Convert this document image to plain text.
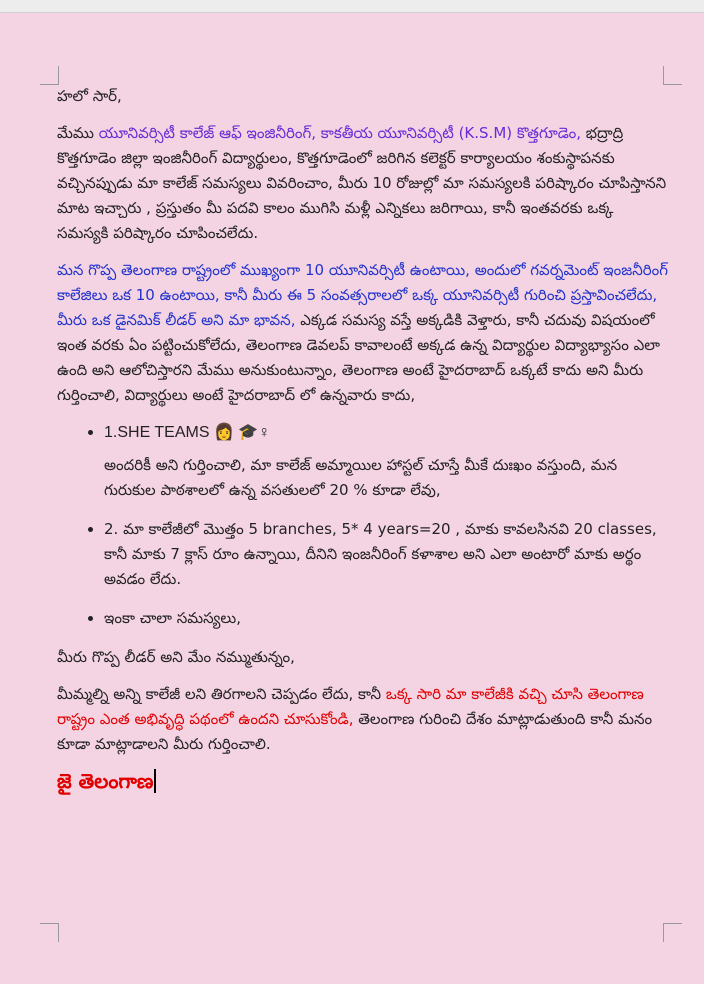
హలో సార్,

మేము యూనివర్సిటీ కాలేజ్ ఆఫ్ ఇంజినీరింగ్, కాకతీయ యూనివర్సిటీ (K.S.M) కొత్తగూడెం, భద్రాద్రి కొత్తగూడెం జిల్లా ఇంజినీరింగ్ విద్యార్థులం, కొత్తగూడెంలో జరిగిన కలెక్టర్ కార్యాలయం శంకుస్థాపనకు వచ్చినప్పుడు మా కాలేజ్ సమస్యలు వివరించాం, మీరు 10 రోజుల్లో మా సమస్యలకి పరిష్కారం చూపిస్తానని మాట ఇచ్చారు , ప్రస్తుతం మీ పదవి కాలం ముగిసి మళ్లీ ఎన్నికలు జరిగాయి, కానీ ఇంతవరకు ఒక్క సమస్యకి పరిష్కారం చూపించలేదు.

మన గొప్ప తెలంగాణ రాష్ట్రంలో ముఖ్యంగా 10 యూనివర్సిటీ ఉంటాయి, అందులో గవర్నమెంట్ ఇంజనీరింగ్ కాలేజిలు ఒక 10 ఉంటాయి, కానీ మీరు ఈ 5 సంవత్సరాలలో ఒక్క యూనివర్సిటీ గురించి ప్రస్తావించలేదు, మీరు ఒక డైనమిక్ లీడర్ అని మా భావన, ఎక్కడ సమస్య వస్తే అక్కడికి వెళ్తారు, కానీ చదువు విషయంలో ఇంత వరకు ఏం పట్టించుకోలేదు, తెలంగాణ డెవలప్ కావాలంటే అక్కడ ఉన్న విద్యార్థుల విద్యాభ్యాసం ఎలా ఉంది అని ఆలోచిస్తారని మేము అనుకుంటున్నాం, తెలంగాణ అంటే హైదరాబాద్ ఒక్కటే కాదు అని మీరు గుర్తించాలి, విద్యార్థులు అంటే హైదరాబాద్ లో ఉన్నవారు కాదు,

• 1.SHE TEAMS 👩 🎓♀
అందరికీ అని గుర్తించాలి, మా కాలేజ్ అమ్మాయిల హాస్టల్ చూస్తే మీకే దుఃఖం వస్తుంది, మన గురుకుల పాఠశాలలో ఉన్న వసతులలో 20 % కూడా లేవు,
• 2. మా కాలేజీలో మొత్తం 5 branches, 5* 4 years=20 , మాకు కావలసినవి 20 classes, కానీ మాకు 7 క్లాస్ రూం ఉన్నాయి, దీనిని ఇంజనీరింగ్ కళాశాల అని ఎలా అంటారో మాకు అర్థం అవడం లేదు.
• ఇంకా చాలా సమస్యలు,

మీరు గొప్ప లీడర్ అని మేం నమ్ముతున్నం,

మీమ్మల్ని అన్ని కాలేజీ లని తిరగాలని చెప్పడం లేదు, కానీ ఒక్క సారి మా కాలేజీకి వచ్చి చూసి తెలంగాణ రాష్ట్రం ఎంత అభివృద్ధి పథంలో ఉందని చూసుకోండి, తెలంగాణ గురించి దేశం మాట్లాడుతుంది కానీ మనం కూడా మాట్లాడాలని మీరు గుర్తించాలి.

జై తెలంగాణ
